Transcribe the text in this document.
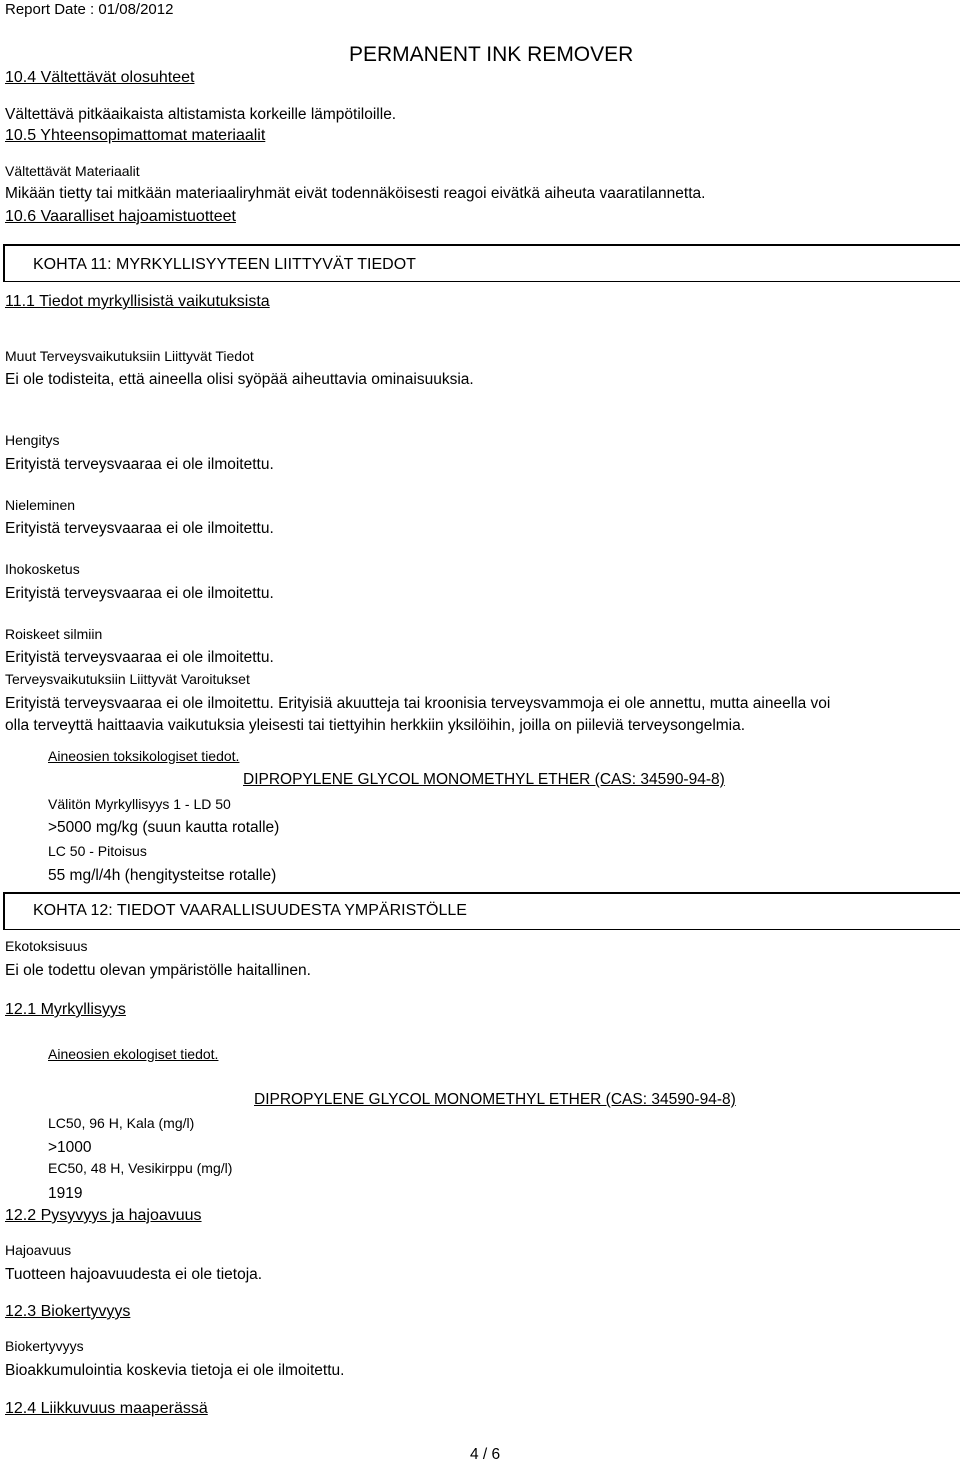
Report Date : 01/08/2012
PERMANENT INK REMOVER
10.4 Vältettävät olosuhteet
Vältettävä pitkäaikaista altistamista korkeille lämpötiloille.
10.5 Yhteensopimattomat materiaalit
Vältettävät Materiaalit
Mikään tietty tai mitkään materiaaliryhmät eivät todennäköisesti reagoi eivätkä aiheuta vaaratilannetta.
10.6 Vaaralliset hajoamistuotteet
KOHTA 11: MYRKYLLISYYTEEN LIITTYVÄT TIEDOT
11.1 Tiedot myrkyllisistä vaikutuksista
Muut Terveysvaikutuksiin Liittyvät Tiedot
Ei ole todisteita, että aineella olisi syöpää aiheuttavia ominaisuuksia.
Hengitys
Erityistä terveysvaaraa ei ole ilmoitettu.
Nieleminen
Erityistä terveysvaaraa ei ole ilmoitettu.
Ihokosketus
Erityistä terveysvaaraa ei ole ilmoitettu.
Roiskeet silmiin
Erityistä terveysvaaraa ei ole ilmoitettu.
Terveysvaikutuksiin Liittyvät Varoitukset
Erityistä terveysvaaraa ei ole ilmoitettu. Erityisiä akuutteja tai kroonisia terveysvammoja ei ole annettu, mutta aineella voi
olla terveyttä haittaavia vaikutuksia yleisesti tai tiettyihin herkkiin yksilöihin, joilla on piileviä terveysongelmia.
Aineosien toksikologiset tiedot.
DIPROPYLENE GLYCOL MONOMETHYL ETHER (CAS: 34590-94-8)
Välitön Myrkyllisyys 1 - LD 50
>5000 mg/kg (suun kautta rotalle)
LC 50 - Pitoisus
55 mg/l/4h (hengitysteitse rotalle)
KOHTA 12: TIEDOT VAARALLISUUDESTA YMPÄRISTÖLLE
Ekotoksisuus
Ei ole todettu olevan ympäristölle haitallinen.
12.1 Myrkyllisyys
Aineosien ekologiset tiedot.
DIPROPYLENE GLYCOL MONOMETHYL ETHER (CAS: 34590-94-8)
LC50, 96 H, Kala (mg/l)
>1000
EC50, 48 H, Vesikirppu (mg/l)
1919
12.2 Pysyvyys ja hajoavuus
Hajoavuus
Tuotteen hajoavuudesta ei ole tietoja.
12.3 Biokertyvyys
Biokertyvyys
Bioakkumulointia koskevia tietoja ei ole ilmoitettu.
12.4 Liikkuvuus maaperässä
4 / 6
